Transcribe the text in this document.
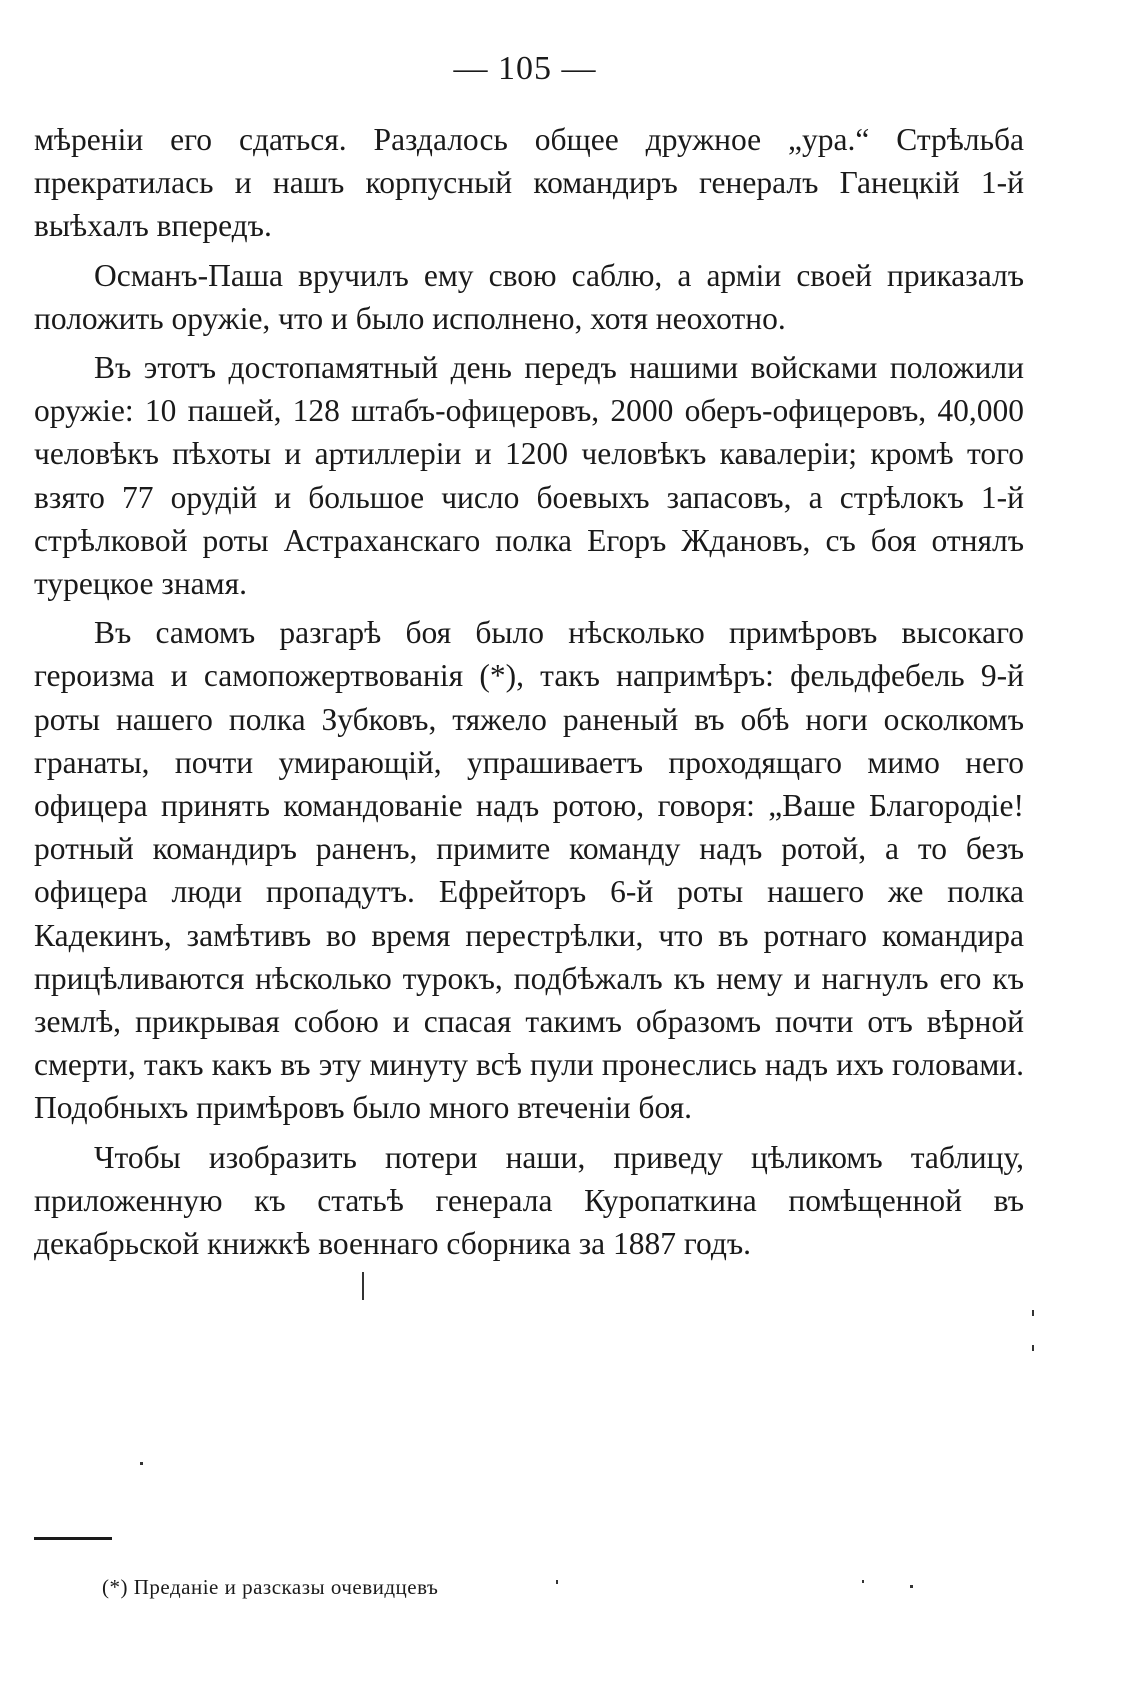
— 105 —

мѣреніи его сдаться. Раздалось общее дружное „ура.“ Стрѣльба прекратилась и нашъ корпусный командиръ генералъ Ганецкій 1-й выѣхалъ впередъ.

Османъ-Паша вручилъ ему свою саблю, а арміи своей приказалъ положить оружіе, что и было исполнено, хотя неохотно.

Въ этотъ достопамятный день передъ нашими войсками положили оружіе: 10 пашей, 128 штабъ-офицеровъ, 2000 оберъ-офицеровъ, 40,000 человѣкъ пѣхоты и артиллеріи и 1200 человѣкъ кавалеріи; кромѣ того взято 77 орудій и большое число боевыхъ запасовъ, а стрѣлокъ 1-й стрѣлковой роты Астраханскаго полка Егоръ Ждановъ, съ боя отнялъ турецкое знамя.

Въ самомъ разгарѣ боя было нѣсколько примѣровъ высокаго героизма и самопожертвованія (*), такъ напримѣръ: фельдфебель 9-й роты нашего полка Зубковъ, тяжело раненый въ обѣ ноги осколкомъ гранаты, почти умирающій, упрашиваетъ проходящаго мимо него офицера принять командованіе надъ ротою, говоря: „Ваше Благородіе! ротный командиръ раненъ, примите команду надъ ротой, а то безъ офицера люди пропадутъ. Ефрейторъ 6-й роты нашего же полка Кадекинъ, замѣтивъ во время перестрѣлки, что въ ротнаго командира прицѣливаются нѣсколько турокъ, подбѣжалъ къ нему и нагнулъ его къ землѣ, прикрывая собою и спасая такимъ образомъ почти отъ вѣрной смерти, такъ какъ въ эту минуту всѣ пули пронеслись надъ ихъ головами. Подобныхъ примѣровъ было много втеченіи боя.

Чтобы изобразить потери наши, приведу цѣликомъ таблицу, приложенную къ статьѣ генерала Куропаткина помѣщенной въ декабрьской книжкѣ военнаго сборника за 1887 годъ.

(*) Преданіе и разсказы очевидцевъ
